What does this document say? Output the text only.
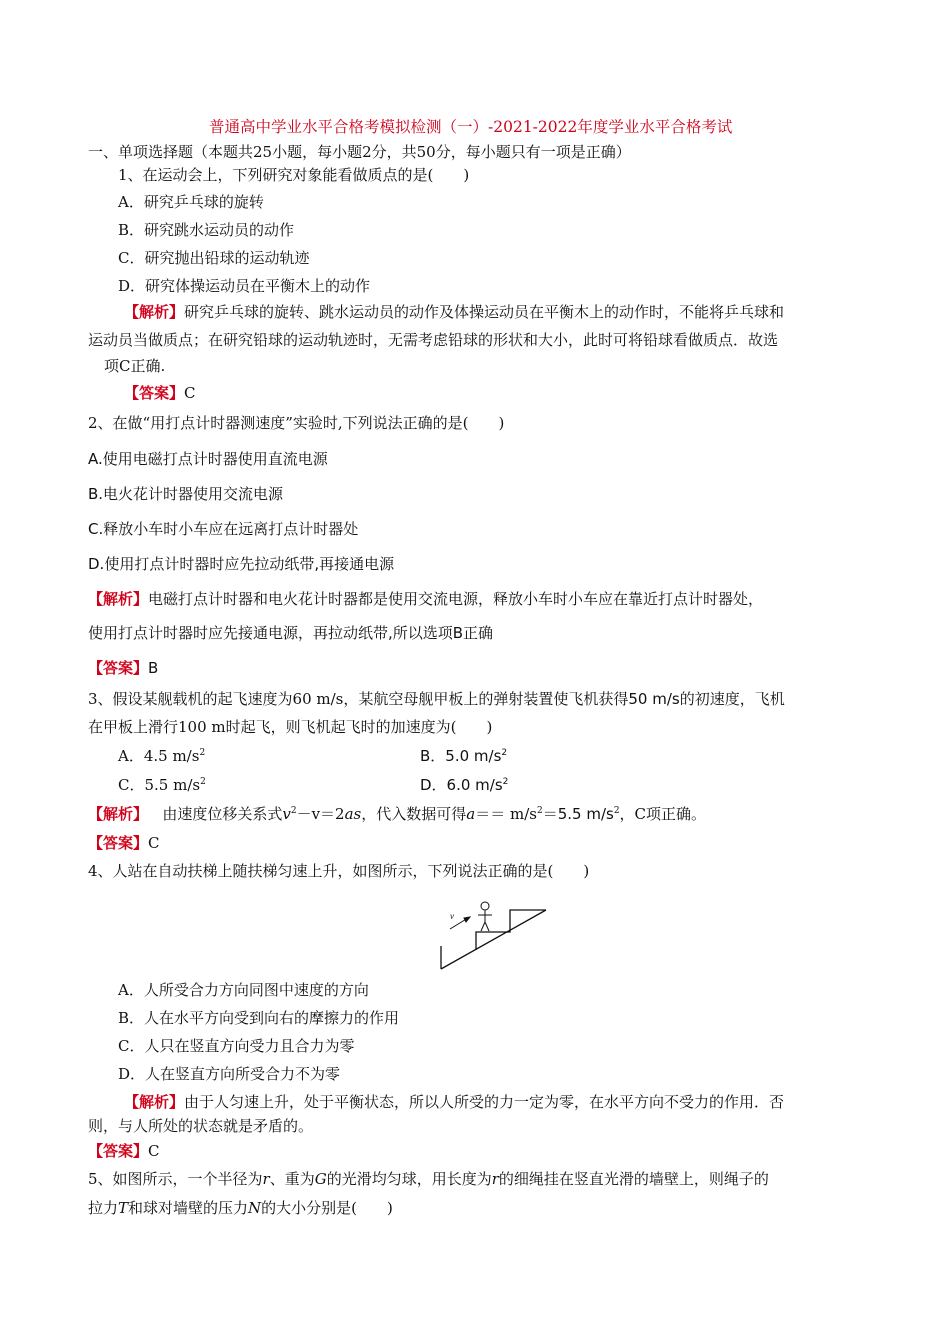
普通高中学业水平合格考模拟检测（一）-2021-2022年度学业水平合格考试
一、单项选择题（本题共25小题，每小题2分，共50分，每小题只有一项是正确）
1、在运动会上，下列研究对象能看做质点的是(　　)
A．研究乒乓球的旋转
B．研究跳水运动员的动作
C．研究抛出铅球的运动轨迹
D．研究体操运动员在平衡木上的动作
【解析】研究乒乓球的旋转、跳水运动员的动作及体操运动员在平衡木上的动作时，不能将乒乓球和
运动员当做质点；在研究铅球的运动轨迹时，无需考虑铅球的形状和大小，此时可将铅球看做质点．故选
项C正确.
【答案】C
2、在做“用打点计时器测速度”实验时,下列说法正确的是(　　)
A.使用电磁打点计时器使用直流电源
B.电火花计时器使用交流电源
C.释放小车时小车应在远离打点计时器处
D.使用打点计时器时应先拉动纸带,再接通电源
【解析】电磁打点计时器和电火花计时器都是使用交流电源，释放小车时小车应在靠近打点计时器处，
使用打点计时器时应先接通电源，再拉动纸带,所以选项B正确
【答案】B
3、假设某舰载机的起飞速度为60 m/s，某航空母舰甲板上的弹射装置使飞机获得50 m/s的初速度，飞机
在甲板上滑行100 m时起飞，则飞机起飞时的加速度为(　　)
A．4.5 $m/s^2$	B．5.0 $m/s^2$
C．5.5 $m/s^2$	D．6.0 $m/s^2$
【解析】 由速度位移关系式$v^2-v=2as$，代入数据可得$a== m/s^2=5.5$ $m/s^2$，C项正确。
【答案】C
4、人站在自动扶梯上随扶梯匀速上升，如图所示，下列说法正确的是(　　)
v
A．人所受合力方向同图中速度的方向
B．人在水平方向受到向右的摩擦力的作用
C．人只在竖直方向受力且合力为零
D．人在竖直方向所受合力不为零
【解析】由于人匀速上升，处于平衡状态，所以人所受的力一定为零，在水平方向不受力的作用．否
则，与人所处的状态就是矛盾的。
【答案】C
5、如图所示，一个半径为r、重为G的光滑均匀球，用长度为r的细绳挂在竖直光滑的墙壁上，则绳子的
拉力T和球对墙壁的压力N的大小分别是(　　)
